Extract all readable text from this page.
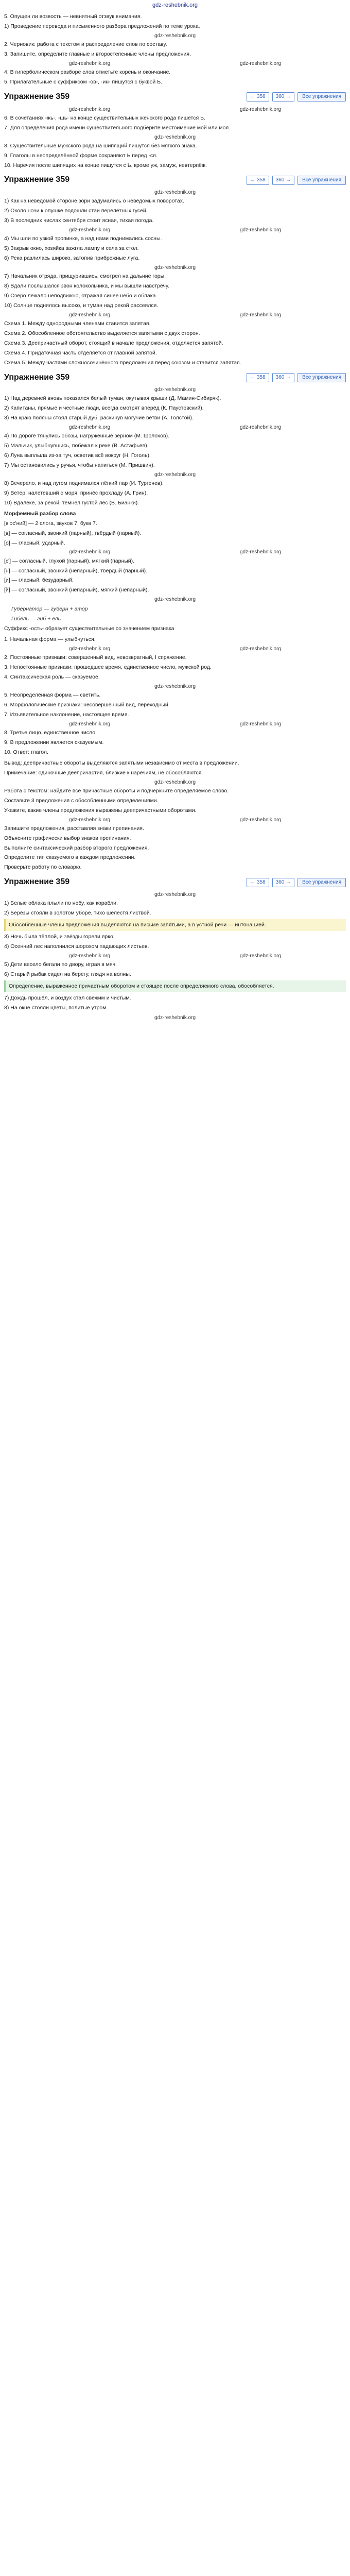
gdz-reshebnik.org

5. Опущен ли возвость — невнятный отзвук внимания.

1) Проведение перевода и письменного разбора предложений по теме урока.

gdz-reshebnik.org

2. Черновик: работа с текстом и распределение слов по составу.

3. Запишите, определите главные и второстепенные члены предложения.

gdz-reshebnik.org	gdz-reshebnik.org

4. В гиперболическом разборе слов отметьте корень и окончание.

5. Прилагательные с суффиксом -ов-, -ин- пишутся с буквой Ь.

Упражнение 359	← 358	360 →	Все упражнения
gdz-reshebnik.org	gdz-reshebnik.org

6. В сочетаниях -жь-, -шь- на конце существительных женского рода пишется Ь.

7. Для определения рода имени существительного подберите местоимение мой или моя.

gdz-reshebnik.org

8. Существительные мужского рода на шипящий пишутся без мягкого знака.

9. Глаголы в неопределённой форме сохраняют Ь перед -ся.

10. Наречия после шипящих на конце пишутся с Ь, кроме уж, замуж, невтерпёж.

Упражнение 359	← 358	360 →	Все упражнения
gdz-reshebnik.org

1) Как на неведомой стороне зори задумались о неведомых поворотах.

2) Около ночи к опушке подошли стаи перелётных гусей.

3) В последних числах сентября стоит ясная, тихая погода.

gdz-reshebnik.org	gdz-reshebnik.org

4) Мы шли по узкой тропинке, а над нами поднимались сосны.

5) Закрыв окно, хозяйка зажгла лампу и села за стол.

6) Река разлилась широко, затопив прибрежные луга.

gdz-reshebnik.org

7) Начальник отряда, прищурившись, смотрел на дальние горы.

8) Вдали послышался звон колокольчика, и мы вышли навстречу.

9) Озеро лежало неподвижно, отражая синее небо и облака.

10) Солнце поднялось высоко, и туман над рекой рассеялся.

gdz-reshebnik.org	gdz-reshebnik.org

Схема 1. Между однородными членами ставится запятая.

Схема 2. Обособленное обстоятельство выделяется запятыми с двух сторон.

Схема 3. Деепричастный оборот, стоящий в начале предложения, отделяется запятой.

Схема 4. Придаточная часть отделяется от главной запятой.

Схема 5. Между частями сложносочинённого предложения перед союзом и ставится запятая.

Упражнение 359	← 358	360 →	Все упражнения
gdz-reshebnik.org

1) Над деревней вновь показался белый туман, окутывая крыши (Д. Мамин-Сибиряк).

2) Капитаны, прямые и честные люди, всегда смотрят вперёд (К. Паустовский).

3) На краю поляны стоял старый дуб, раскинув могучие ветви (А. Толстой).

gdz-reshebnik.org	gdz-reshebnik.org

4) По дороге тянулись обозы, нагруженные зерном (М. Шолохов).

5) Мальчик, улыбнувшись, побежал к реке (В. Астафьев).

6) Луна выплыла из-за туч, осветив всё вокруг (Н. Гоголь).

7) Мы остановились у ручья, чтобы напиться (М. Пришвин).

gdz-reshebnik.org

8) Вечерело, и над лугом поднимался лёгкий пар (И. Тургенев).

9) Ветер, налетевший с моря, принёс прохладу (А. Грин).

10) Вдалеке, за рекой, темнел густой лес (В. Бианки).

Морфемный разбор слова

[в'ос'ний] — 2 слога, звуков 7, букв 7.

[в] — согласный, звонкий (парный), твёрдый (парный).

[о] — гласный, ударный.

gdz-reshebnik.org	gdz-reshebnik.org

[с'] — согласный, глухой (парный), мягкий (парный).

[н] — согласный, звонкий (непарный), твёрдый (парный).

[и] — гласный, безударный.

[й] — согласный, звонкий (непарный), мягкий (непарный).

gdz-reshebnik.org

Губернатор — губерн + атор

Гибель — гиб + ель

Суффикс -ость- образует существительные со значением признака

1. Начальная форма — улыбнуться.

gdz-reshebnik.org	gdz-reshebnik.org

2. Постоянные признаки: совершенный вид, невозвратный, I спряжение.

3. Непостоянные признаки: прошедшее время, единственное число, мужской род.

4. Синтаксическая роль — сказуемое.

gdz-reshebnik.org

5. Неопределённая форма — светить.

6. Морфологические признаки: несовершенный вид, переходный.

7. Изъявительное наклонение, настоящее время.

gdz-reshebnik.org	gdz-reshebnik.org

8. Третье лицо, единственное число.

9. В предложении является сказуемым.

10. Ответ: глагол.

Вывод: деепричастные обороты выделяются запятыми независимо от места в предложении.

Примечание: одиночные деепричастия, близкие к наречиям, не обособляются.

gdz-reshebnik.org

Работа с текстом: найдите все причастные обороты и подчеркните определяемое слово.

Составьте 3 предложения с обособленными определениями.

Укажите, какие члены предложения выражены деепричастными оборотами.

gdz-reshebnik.org	gdz-reshebnik.org

Запишите предложения, расставляя знаки препинания.

Объясните графически выбор знаков препинания.

Выполните синтаксический разбор второго предложения.

Определите тип сказуемого в каждом предложении.

Проверьте работу по словарю.

Упражнение 359	← 358	360 →	Все упражнения
gdz-reshebnik.org

1) Белые облака плыли по небу, как корабли.

2) Берёзы стояли в золотом уборе, тихо шелестя листвой.

Обособленные члены предложения выделяются на письме запятыми, а в устной речи — интонацией.

3) Ночь была тёплой, и звёзды горели ярко.

4) Осенний лес наполнился шорохом падающих листьев.

gdz-reshebnik.org	gdz-reshebnik.org

5) Дети весело бегали по двору, играя в мяч.

6) Старый рыбак сидел на берегу, глядя на волны.

Определение, выраженное причастным оборотом и стоящее после определяемого слова, обособляется.

7) Дождь прошёл, и воздух стал свежим и чистым.

8) На окне стояли цветы, политые утром.

gdz-reshebnik.org
